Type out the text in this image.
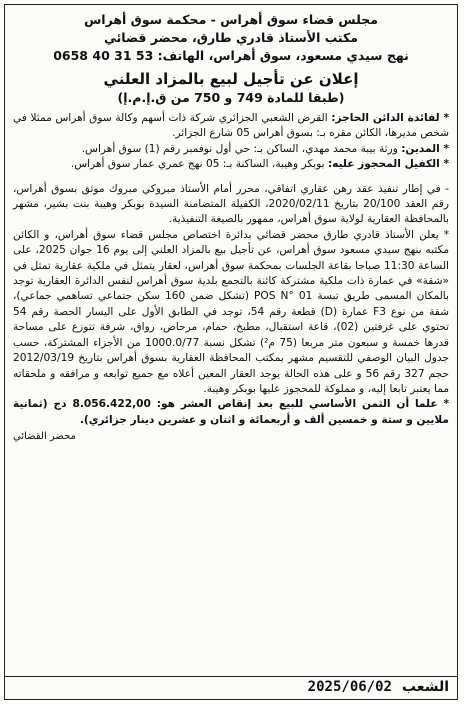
مجلس قضاء سوق أهراس - محكمة سوق أهراس
مكتب الأستاذ قادري طارق، محضر قضائي
نهج سيدي مسعود، سوق أهراس، الهاتف: 53 31 40 0658
إعلان عن تأجيل لبيع بالمزاد العلني
(طبقا للمادة 749 و 750 من ق.إ.م.إ)

* لفائدة الدائن الحاجز: القرض الشعبي الجزائري شركة ذات أسهم وكالة سوق أهراس ممثلا في شخص مديرها، الكائن مقره بـ: بسوق أهراس 05 شارع الجزائر.

* المدين: ورثة بيبة محمد مهدي، الساكن بـ: حي أول نوفمبر رقم (1) سوق أهراس.

* الكفيل المحجوز عليه: بوبكر وهيبة، الساكنة بـ: 05 نهج عمري عمار سوق أهراس.

- في إطار تنفيذ عقد رهن عقاري اتفاقي، محرر أمام الأستاذ مبروكي مبروك موثق بسوق أهراس، رقم العقد 20/100 بتاريخ 2020/02/11، الكفيلة المتضامنة السيدة بوبكر وهيبة بنت بشير، مشهر بالمحافظة العقارية لولاية سوق أهراس، ممهور بالصيغة التنفيذية.

* يعلن الأستاذ قادري طارق محضر قضائي بدائرة اختصاص مجلس قضاء سوق أهراس، و الكائن مكتبه بنهج سيدي مسعود سوق أهراس، عن تأجيل بيع بالمزاد العلني إلى يوم 16 جوان 2025، على الساعة 11:30 صباحا بقاعة الجلسات بمحكمة سوق أهراس، لعقار يتمثل في ملكية عقارية تمثل في «شقة» في عمارة ذات ملكية مشتركة كائنة بالتجمع بلدية سوق أهراس لنفس الدائرة العقارية توجد بالمكان المسمى طريق تبسة POS N° 01 (تشكل ضمن 160 سكن جتماعي تساهمي جماعي)، شقة من نوع F3 عمارة (D) قطعة رقم 54، توجد في الطابق الأول على اليسار الحصة رقم 54 تحتوي على غرفتين (02)، قاعة استقبال، مطبخ، حمام، مرحاض، رواق، شرفة تتوزع على مساحة قدرها خمسة و سبعون متر مربعا (75 م²) تشكل نسبة 1000.0/77 من الأجزاء المشتركة، حسب جدول البيان الوصفي للتقسيم مشهر بمكتب المحافظة العقارية بسوق أهراس بتاريخ 2012/03/19 حجم 327 رقم 56 و على هذه الحالة يوجد العقار المعين أعلاه مع جميع توابعه و مرافقه و ملحقاته مما يعتبر تابعا إليه، و مملوكة للمحجوز عليها بوبكر وهيبة.

* علما أن الثمن الأساسي للبيع بعد إنقاص العشر هو: 8.056.422,00 دج (ثمانية ملايين و ستة و خمسين ألف و أربعمائة و اثنان و عشرين دينار جزائري).

محضر القضائي
الشعب
2025/06/02
